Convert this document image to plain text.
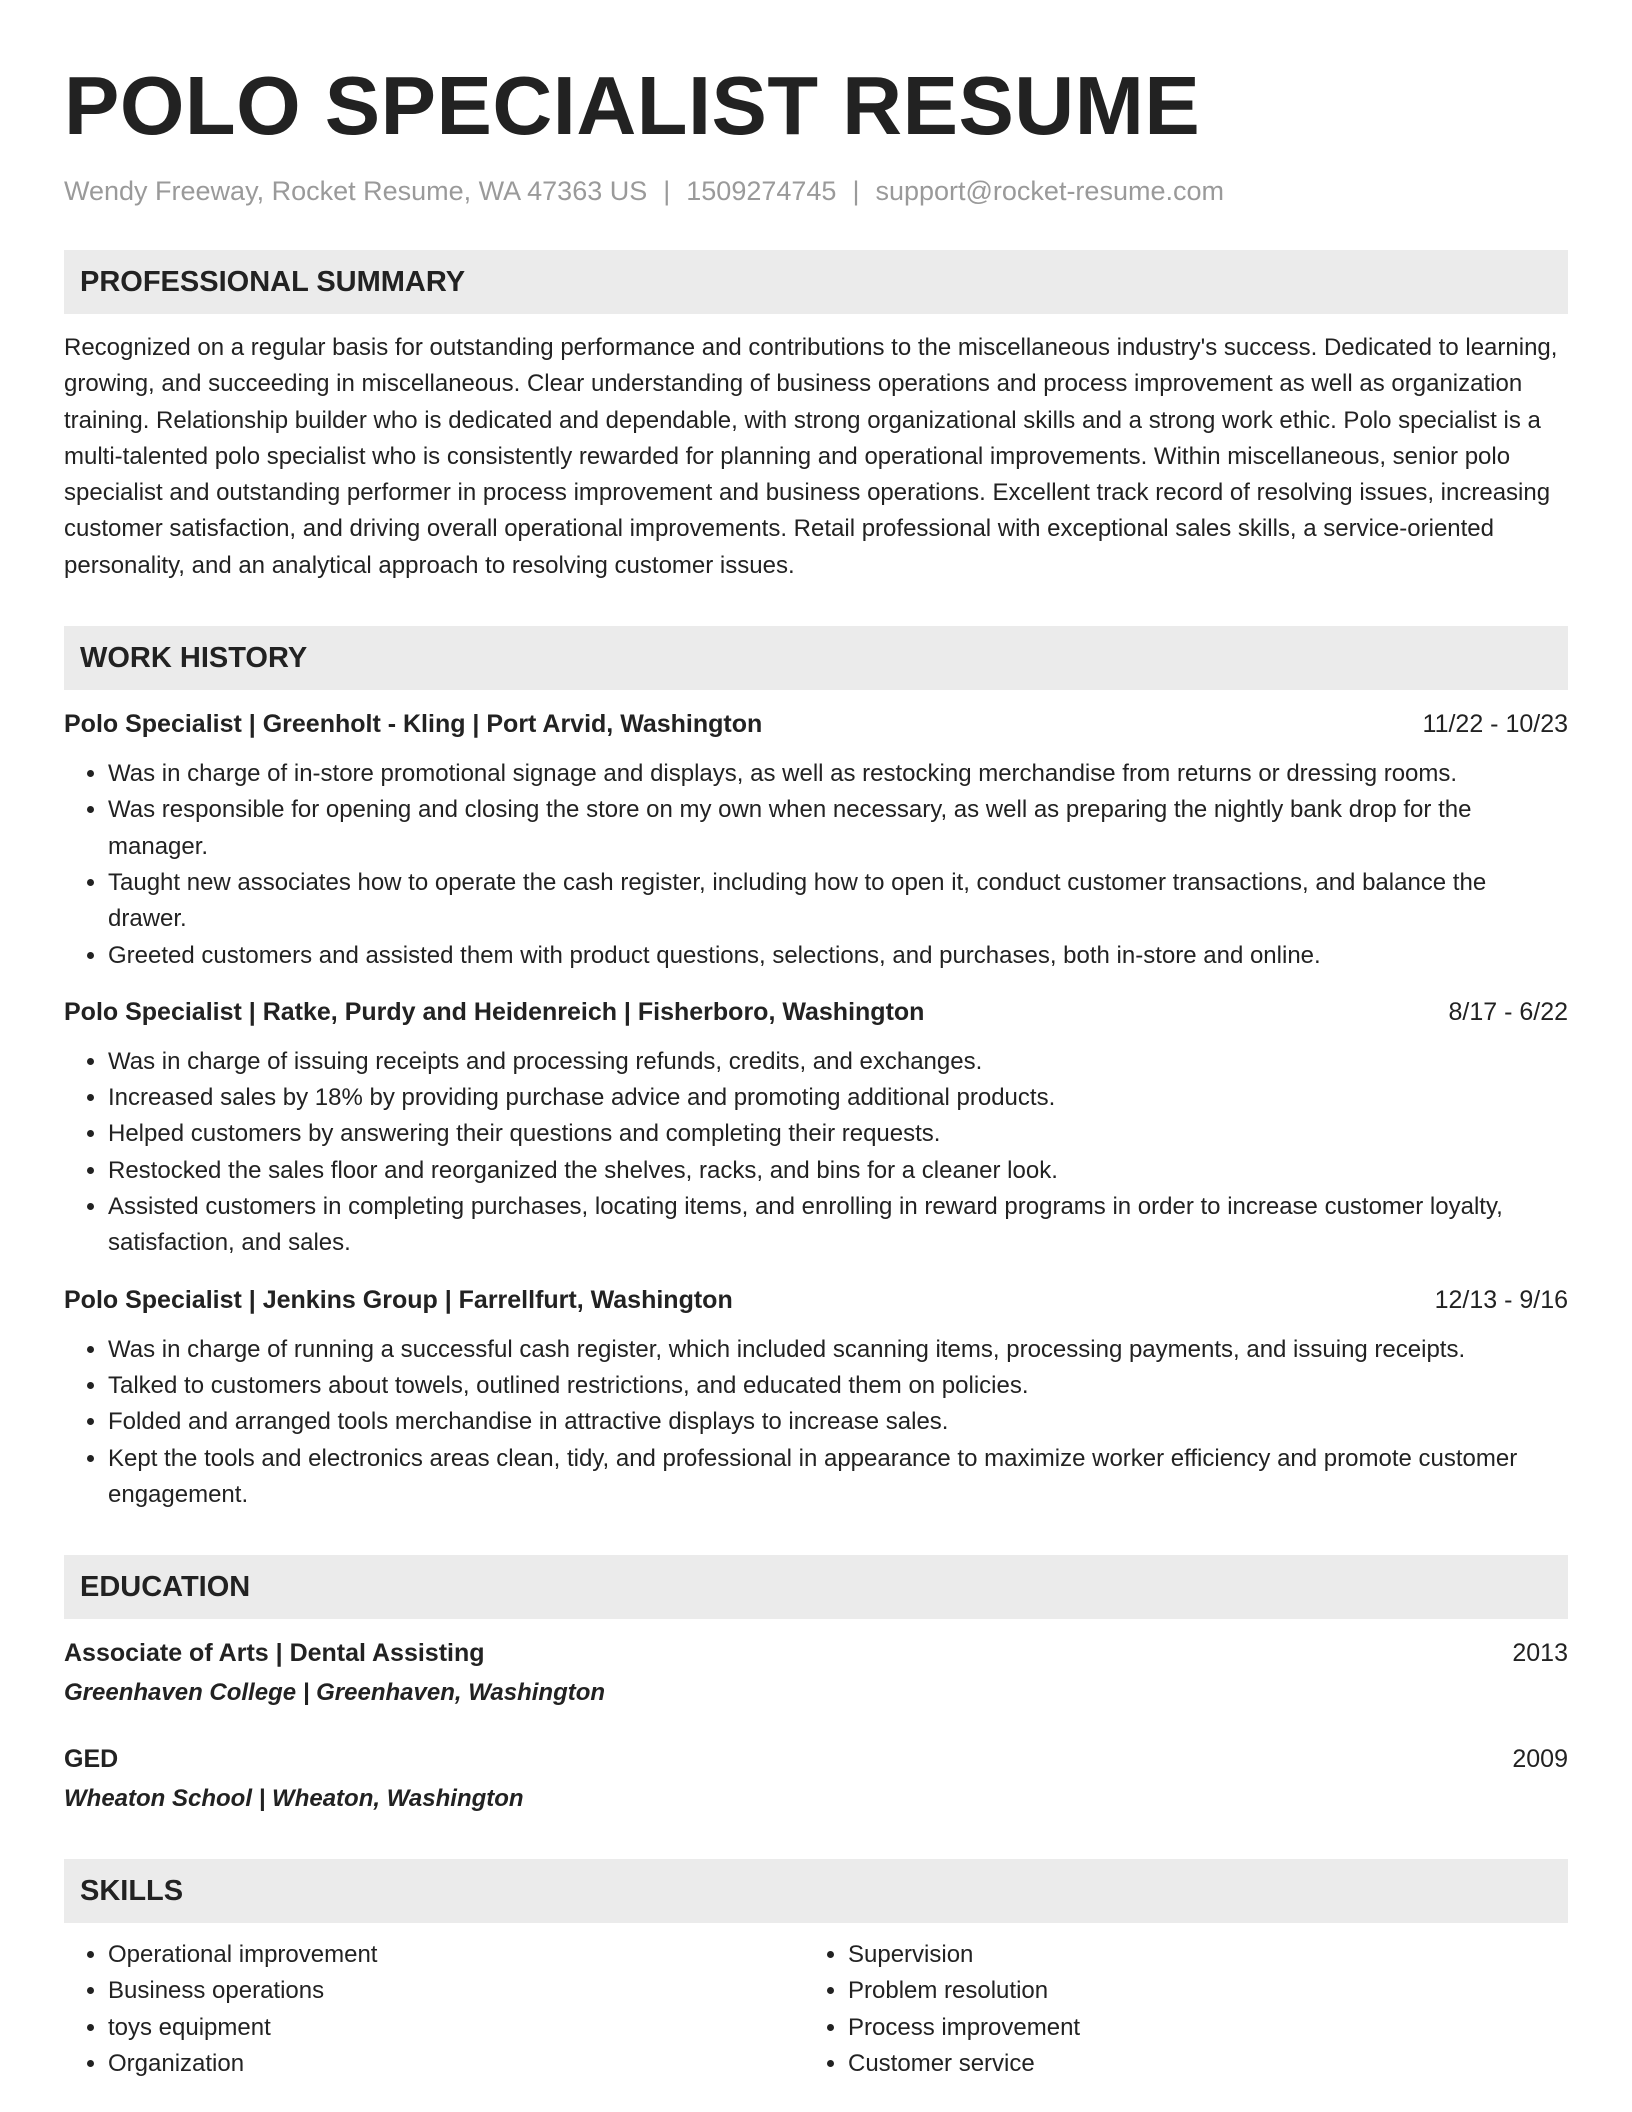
POLO SPECIALIST RESUME
Wendy Freeway, Rocket Resume, WA 47363 US | 1509274745 | support@rocket-resume.com
PROFESSIONAL SUMMARY
Recognized on a regular basis for outstanding performance and contributions to the miscellaneous industry's success. Dedicated to learning, growing, and succeeding in miscellaneous. Clear understanding of business operations and process improvement as well as organization training. Relationship builder who is dedicated and dependable, with strong organizational skills and a strong work ethic. Polo specialist is a multi-talented polo specialist who is consistently rewarded for planning and operational improvements. Within miscellaneous, senior polo specialist and outstanding performer in process improvement and business operations. Excellent track record of resolving issues, increasing customer satisfaction, and driving overall operational improvements. Retail professional with exceptional sales skills, a service-oriented personality, and an analytical approach to resolving customer issues.
WORK HISTORY
Polo Specialist | Greenholt - Kling | Port Arvid, Washington	11/22 - 10/23
• Was in charge of in-store promotional signage and displays, as well as restocking merchandise from returns or dressing rooms.
• Was responsible for opening and closing the store on my own when necessary, as well as preparing the nightly bank drop for the manager.
• Taught new associates how to operate the cash register, including how to open it, conduct customer transactions, and balance the drawer.
• Greeted customers and assisted them with product questions, selections, and purchases, both in-store and online.
Polo Specialist | Ratke, Purdy and Heidenreich | Fisherboro, Washington	8/17 - 6/22
• Was in charge of issuing receipts and processing refunds, credits, and exchanges.
• Increased sales by 18% by providing purchase advice and promoting additional products.
• Helped customers by answering their questions and completing their requests.
• Restocked the sales floor and reorganized the shelves, racks, and bins for a cleaner look.
• Assisted customers in completing purchases, locating items, and enrolling in reward programs in order to increase customer loyalty, satisfaction, and sales.
Polo Specialist | Jenkins Group | Farrellfurt, Washington	12/13 - 9/16
• Was in charge of running a successful cash register, which included scanning items, processing payments, and issuing receipts.
• Talked to customers about towels, outlined restrictions, and educated them on policies.
• Folded and arranged tools merchandise in attractive displays to increase sales.
• Kept the tools and electronics areas clean, tidy, and professional in appearance to maximize worker efficiency and promote customer engagement.
EDUCATION
Associate of Arts | Dental Assisting	2013
Greenhaven College | Greenhaven, Washington
GED	2009
Wheaton School | Wheaton, Washington
SKILLS
• Operational improvement
• Business operations
• toys equipment
• Organization
• Supervision
• Problem resolution
• Process improvement
• Customer service
